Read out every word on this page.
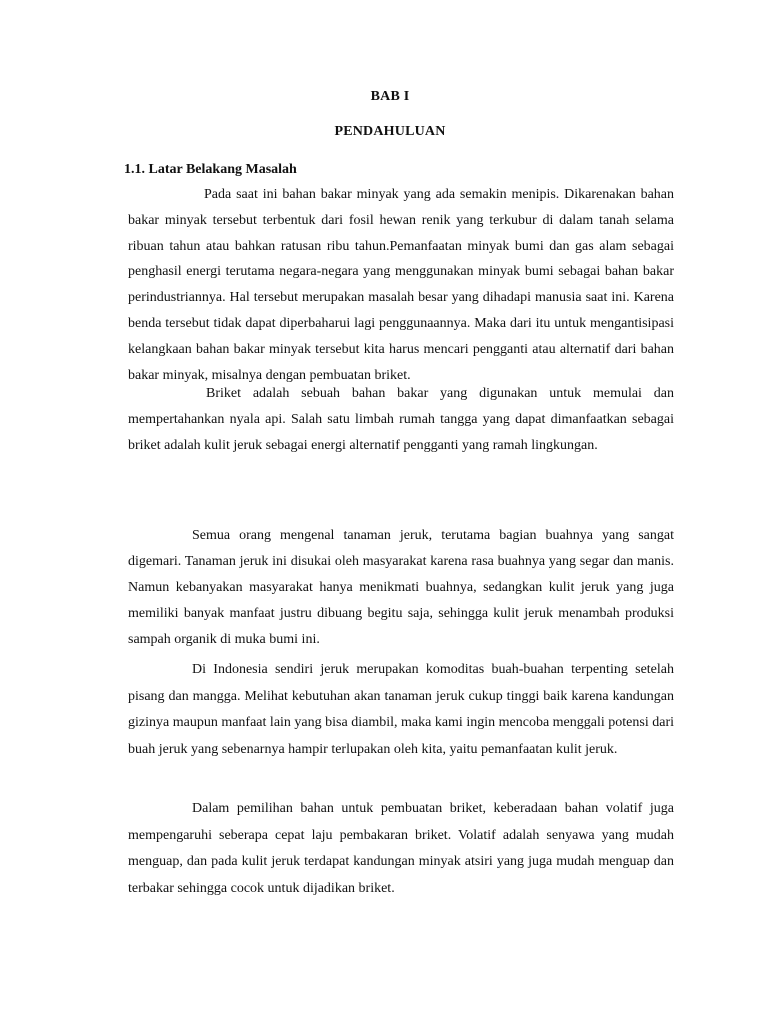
BAB I
PENDAHULUAN
1.1. Latar Belakang Masalah

Pada saat ini bahan bakar minyak yang ada semakin menipis. Dikarenakan bahan bakar minyak tersebut terbentuk dari fosil hewan renik yang terkubur di dalam tanah selama ribuan tahun atau bahkan ratusan ribu tahun.Pemanfaatan minyak bumi dan gas alam sebagai penghasil energi terutama negara-negara yang menggunakan minyak bumi sebagai bahan bakar perindustriannya. Hal tersebut merupakan masalah besar yang dihadapi manusia saat ini. Karena benda tersebut tidak dapat diperbaharui lagi penggunaannya. Maka dari itu untuk mengantisipasi kelangkaan bahan bakar minyak tersebut kita harus mencari pengganti atau alternatif dari bahan bakar minyak, misalnya dengan pembuatan briket.

Briket adalah sebuah bahan bakar yang digunakan untuk memulai dan mempertahankan nyala api. Salah satu limbah rumah tangga yang dapat dimanfaatkan sebagai briket adalah kulit jeruk sebagai energi alternatif pengganti yang ramah lingkungan.

Semua orang mengenal tanaman jeruk, terutama bagian buahnya yang sangat digemari. Tanaman jeruk ini disukai oleh masyarakat karena rasa buahnya yang segar dan manis. Namun kebanyakan masyarakat hanya menikmati buahnya, sedangkan kulit jeruk yang juga memiliki banyak manfaat justru dibuang begitu saja, sehingga kulit jeruk menambah produksi sampah organik di muka bumi ini.

Di Indonesia sendiri jeruk merupakan komoditas buah-buahan terpenting setelah pisang dan mangga. Melihat kebutuhan akan tanaman jeruk cukup tinggi baik karena kandungan gizinya maupun manfaat lain yang bisa diambil, maka kami ingin mencoba menggali potensi dari buah jeruk yang sebenarnya hampir terlupakan oleh kita, yaitu pemanfaatan kulit jeruk.

Dalam pemilihan bahan untuk pembuatan briket, keberadaan bahan volatif juga mempengaruhi seberapa cepat laju pembakaran briket. Volatif adalah senyawa yang mudah menguap, dan pada kulit jeruk terdapat kandungan minyak atsiri yang juga mudah menguap dan terbakar sehingga cocok untuk dijadikan briket.
